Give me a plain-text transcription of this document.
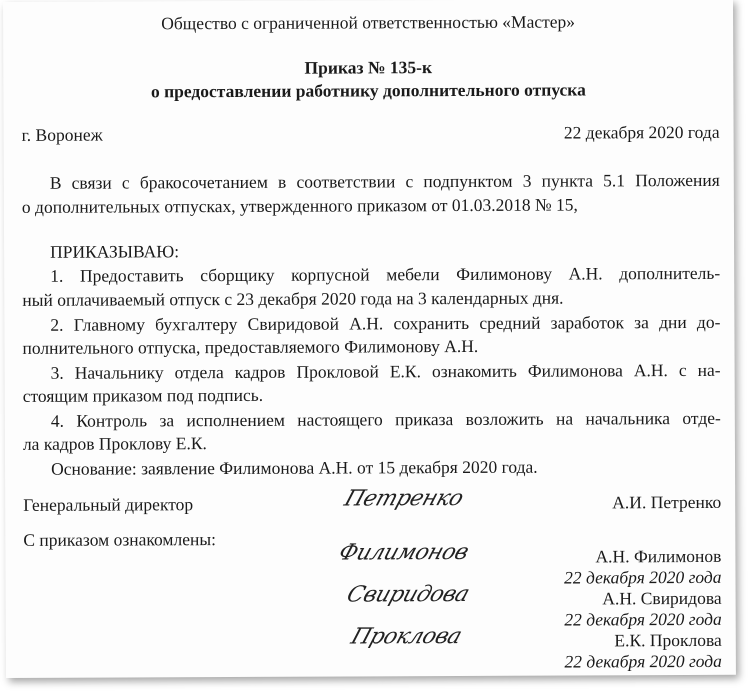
Общество с ограниченной ответственностью «Мастер»
Приказ № 135-к
о предоставлении работнику дополнительного отпуска
г. Воронеж	22 декабря 2020 года
В связи с бракосочетанием в соответствии с подпунктом 3 пункта 5.1 Положения
о дополнительных отпусках, утвержденного приказом от 01.03.2018 № 15,
ПРИКАЗЫВАЮ:
1. Предоставить сборщику корпусной мебели Филимонову А.Н. дополнитель-
ный оплачиваемый отпуск с 23 декабря 2020 года на 3 календарных дня.
2. Главному бухгалтеру Свиридовой А.Н. сохранить средний заработок за дни до-
полнительного отпуска, предоставляемого Филимонову А.Н.
3. Начальнику отдела кадров Прокловой Е.К. ознакомить Филимонова А.Н. с на-
стоящим приказом под подпись.
4. Контроль за исполнением настоящего приказа возложить на начальника отде-
ла кадров Проклову Е.К.
Основание: заявление Филимонова А.Н. от 15 декабря 2020 года.
Генеральный директор	Петренко	А.И. Петренко
С приказом ознакомлены:
Филимонов	А.Н. Филимонов
22 декабря 2020 года
Свиридова	А.Н. Свиридова
22 декабря 2020 года
Проклова	Е.К. Проклова
22 декабря 2020 года
